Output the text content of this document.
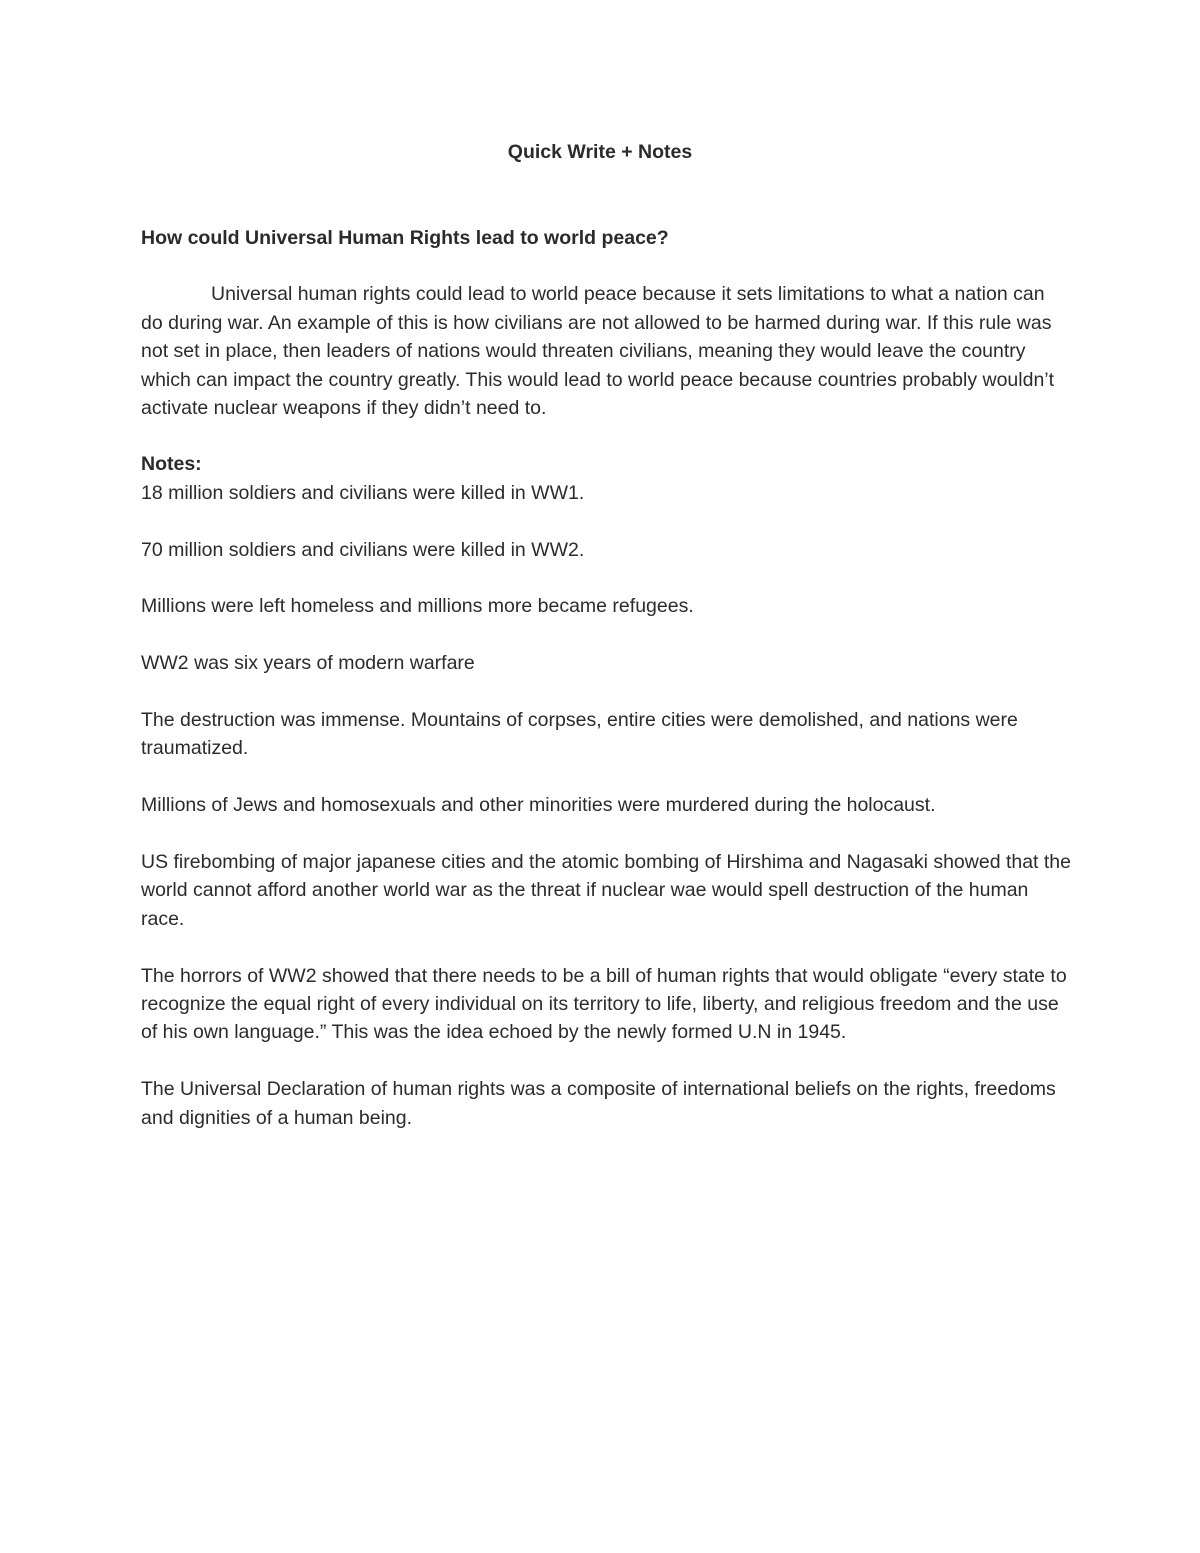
Quick Write + Notes

How could Universal Human Rights lead to world peace?

Universal human rights could lead to world peace because it sets limitations to what a nation can do during war. An example of this is how civilians are not allowed to be harmed during war. If this rule was not set in place, then leaders of nations would threaten civilians, meaning they would leave the country which can impact the country greatly. This would lead to world peace because countries probably wouldn’t activate nuclear weapons if they didn’t need to.

Notes:

18 million soldiers and civilians were killed in WW1.

70 million soldiers and civilians were killed in WW2.

Millions were left homeless and millions more became refugees.

WW2 was six years of modern warfare

The destruction was immense. Mountains of corpses, entire cities were demolished, and nations were traumatized.

Millions of Jews and homosexuals and other minorities were murdered during the holocaust.

US firebombing of major japanese cities and the atomic bombing of Hirshima and Nagasaki showed that the world cannot afford another world war as the threat if nuclear wae would spell destruction of the human race.

The horrors of WW2 showed that there needs to be a bill of human rights that would obligate “every state to recognize the equal right of every individual on its territory to life, liberty, and religious freedom and the use of his own language.” This was the idea echoed by the newly formed U.N in 1945.

The Universal Declaration of human rights was a composite of international beliefs on the rights, freedoms and dignities of a human being.
